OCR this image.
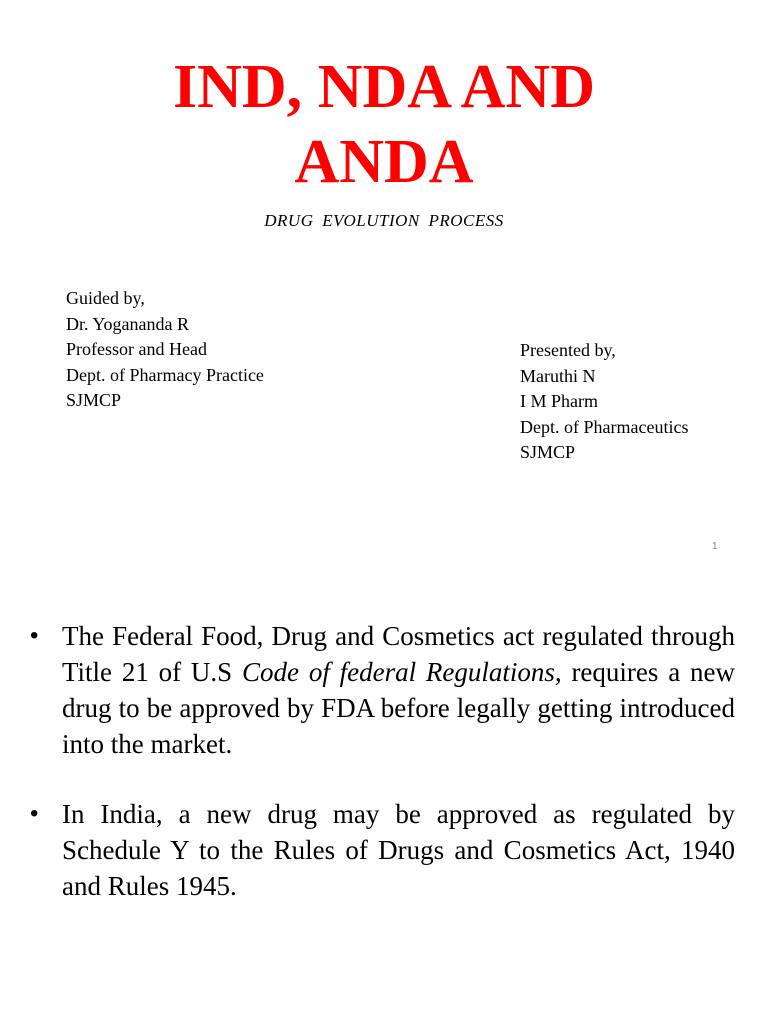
IND, NDA AND
ANDA

DRUG EVOLUTION PROCESS

Guided by,
Dr. Yogananda R
Professor and Head
Dept. of Pharmacy Practice
SJMCP
Presented by,
Maruthi N
I M Pharm
Dept. of Pharmaceutics
SJMCP
1
• The Federal Food, Drug and Cosmetics act regulated through Title 21 of U.S Code of federal Regulations, requires a new drug to be approved by FDA before legally getting introduced into the market.
• In India, a new drug may be approved as regulated by Schedule Y to the Rules of Drugs and Cosmetics Act, 1940 and Rules 1945.
